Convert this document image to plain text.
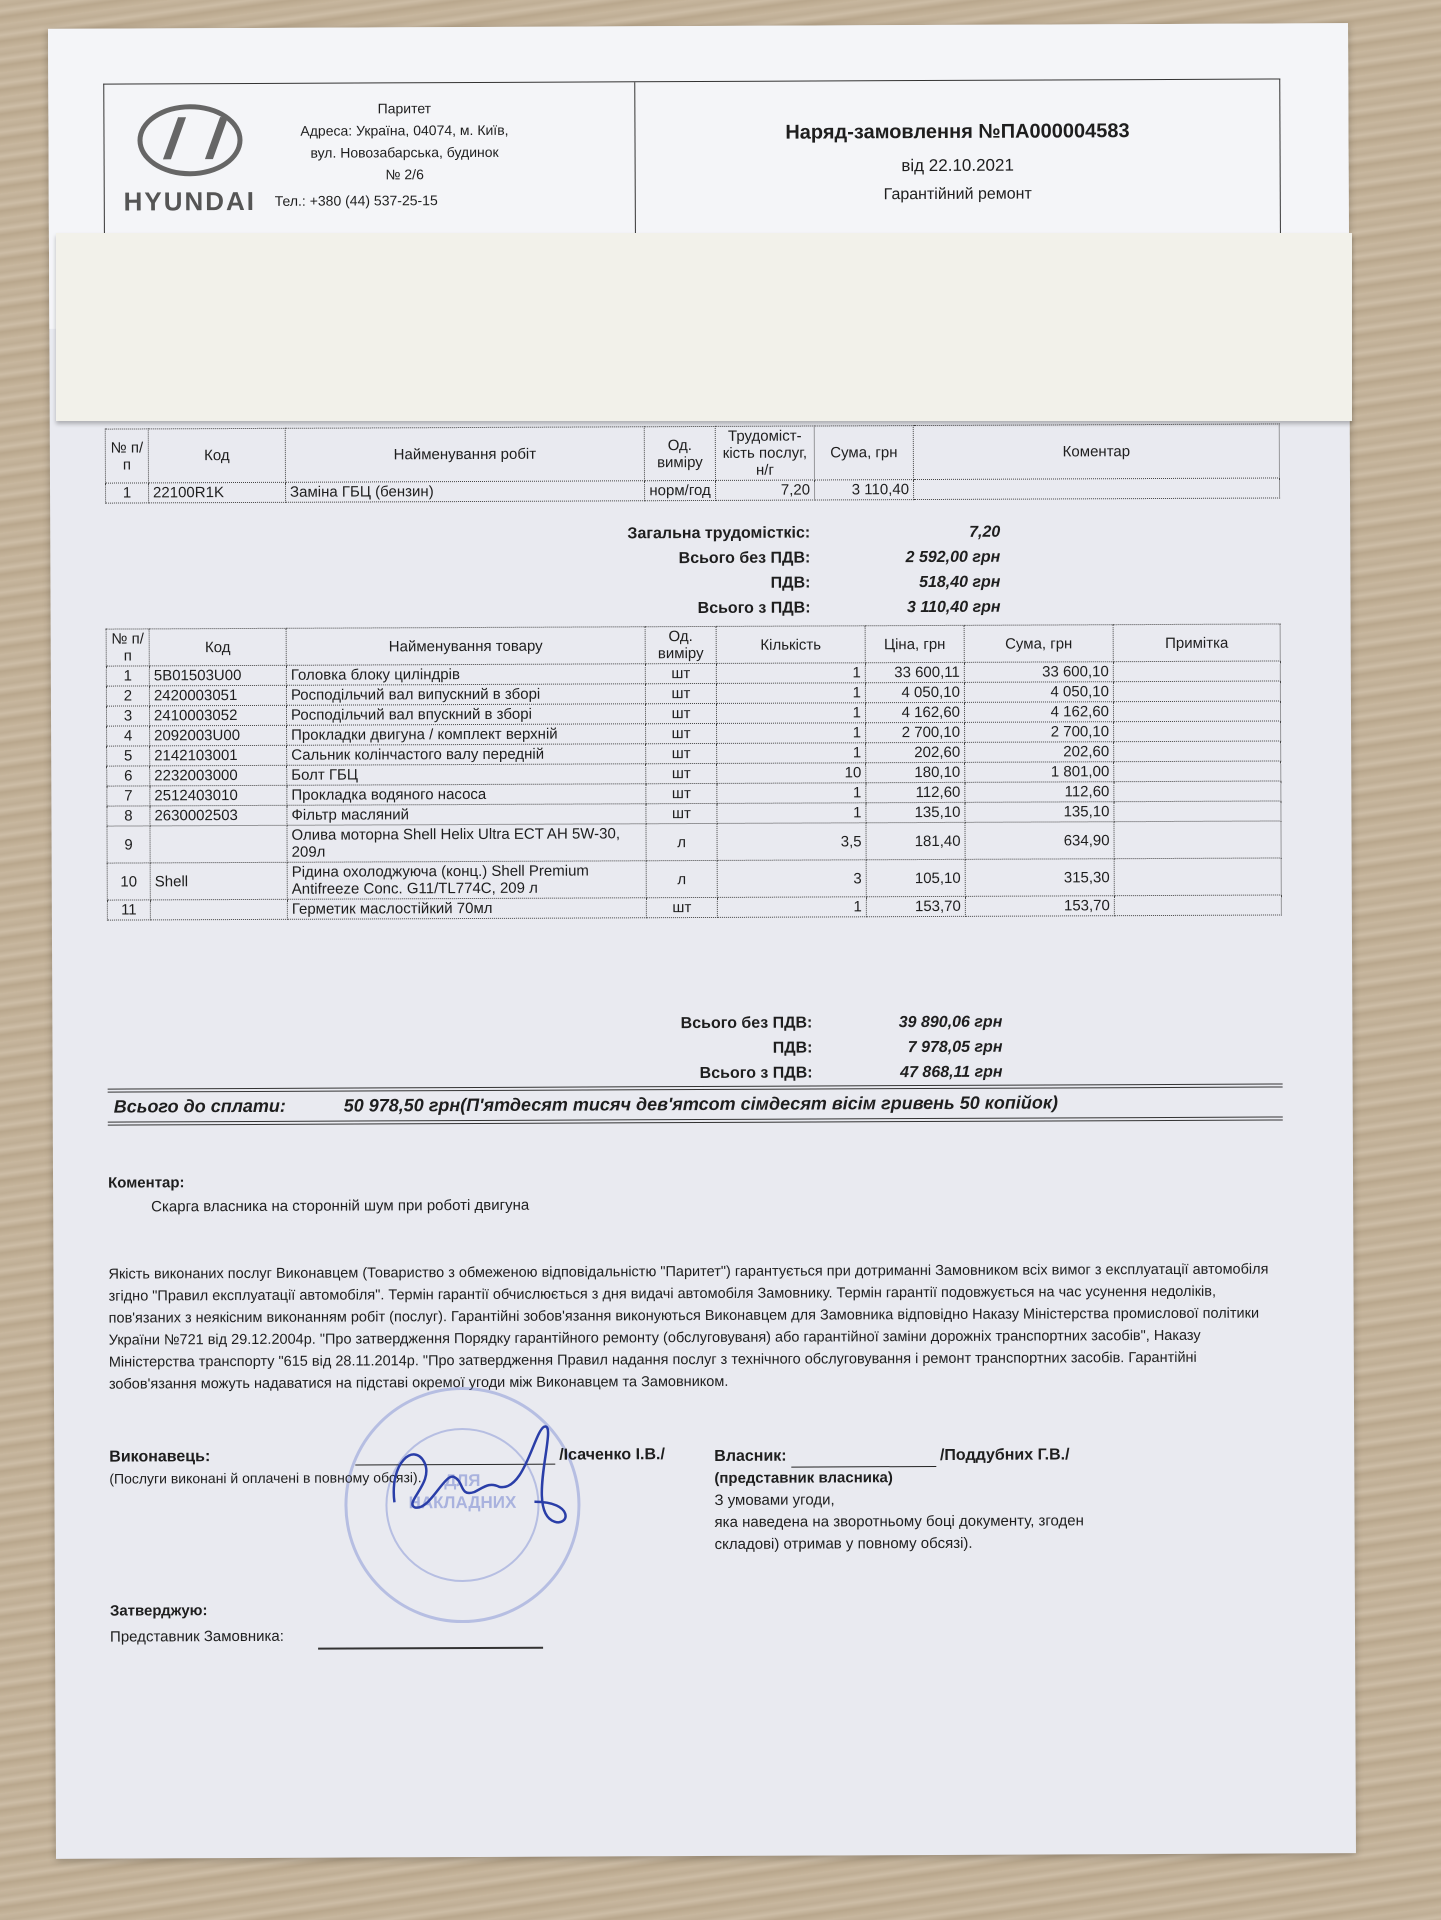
HYUNDAI
Паритет
Адреса: Україна, 04074, м. Київ,
вул. Новозабарська, будинок
№ 2/6
Тел.: +380 (44) 537-25-15
Наряд-замовлення №ПА000004583
від 22.10.2021
Гарантійний ремонт
№ п/п	Код	Найменування робіт	Од. виміру	Трудоміст-кість послуг, н/г	Сума, грн	Коментар
1	22100R1K	Заміна ГБЦ (бензин)	норм/год	7,20	3 110,40	
Загальна трудомісткіс:	7,20
Всього без ПДВ:	2 592,00 грн
ПДВ:	518,40 грн
Всього з ПДВ:	3 110,40 грн
№ п/п	Код	Найменування товару	Од. виміру	Кількість	Ціна, грн	Сума, грн	Примітка
1	5B01503U00	Головка блоку циліндрів	шт	1	33 600,11	33 600,10	
2	2420003051	Росподільчий вал випускний в зборі	шт	1	4 050,10	4 050,10	
3	2410003052	Росподільчий вал впускний в зборі	шт	1	4 162,60	4 162,60	
4	2092003U00	Прокладки двигуна / комплект верхній	шт	1	2 700,10	2 700,10	
5	2142103001	Сальник колінчастого валу передній	шт	1	202,60	202,60	
6	2232003000	Болт ГБЦ	шт	10	180,10	1 801,00	
7	2512403010	Прокладка водяного насоса	шт	1	112,60	112,60	
8	2630002503	Фільтр масляний	шт	1	135,10	135,10	
9		Олива моторна Shell Helix Ultra ECT AH 5W-30, 209л	л	3,5	181,40	634,90	
10	Shell	Рідина охолоджуюча (конц.) Shell Premium Antifreeze Conc. G11/TL774C, 209 л	л	3	105,10	315,30	
11		Герметик маслостійкий 70мл	шт	1	153,70	153,70	
Всього без ПДВ:	39 890,06 грн
ПДВ:	7 978,05 грн
Всього з ПДВ:	47 868,11 грн
Всього до сплати:	50 978,50 грн(П'ятдесят тисяч дев'ятсот сімдесят вісім гривень 50 копійок)
Коментар:
Скарга власника на сторонній шум при роботі двигуна
Якість виконаних послуг Виконавцем (Товариство з обмеженою відповідальністю "Паритет") гарантується при дотриманні Замовником всіх вимог з експлуатації автомобіля згідно "Правил експлуатації автомобіля". Термін гарантії обчислюється з дня видачі автомобіля Замовнику. Термін гарантії подовжується на час усунення недоліків, пов'язаних з неякісним виконанням робіт (послуг). Гарантійні зобов'язання виконуються Виконавцем для Замовника відповідно Наказу Міністерства промислової політики України №721 від 29.12.2004р. "Про затвердження Порядку гарантійного ремонту (обслуговуваня) або гарантійної заміни дорожніх транспортних засобів", Наказу Міністерства транспорту "615 від 28.11.2014р. "Про затвердження Правил надання послуг з технічного обслуговування і ремонт транспортних засобів. Гарантійні зобов'язання можуть надаватися на підставі окремої угоди між Виконавцем та Замовником.
ДЛЯ НАКЛАДНИХ
Виконавець:	/Ісаченко І.В./
(Послуги виконані й оплачені в повному обсязі).
Власник:	/Поддубних Г.В./
(представник власника)
З умовами угоди,
яка наведена на зворотньому боці документу, згоден
складові) отримав у повному обсязі).
Затверджую:
Представник Замовника:
